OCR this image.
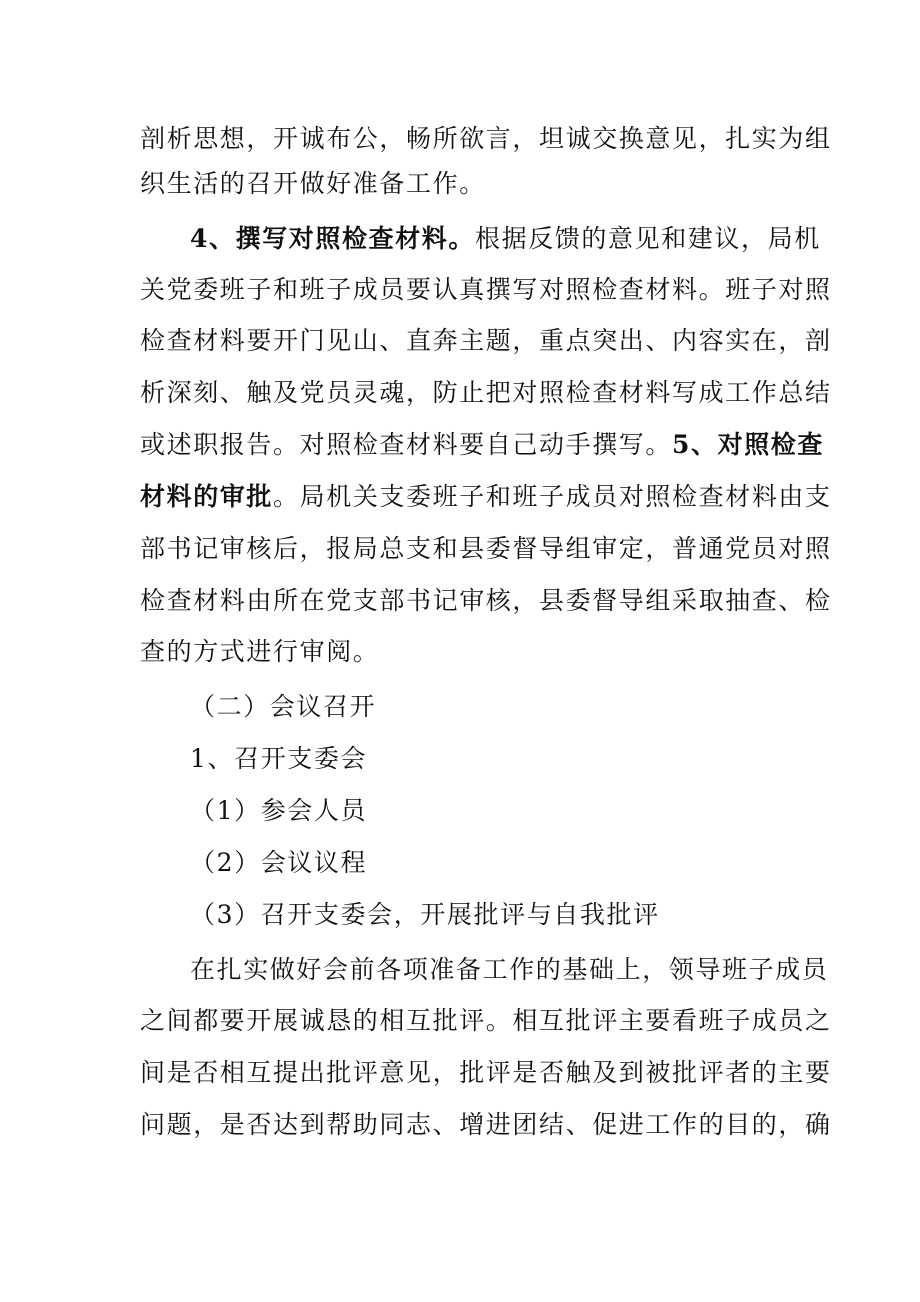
剖析思想，开诚布公，畅所欲言，坦诚交换意见，扎实为组
织生活的召开做好准备工作。
4、撰写对照检查材料。根据反馈的意见和建议，局机
关党委班子和班子成员要认真撰写对照检查材料。班子对照
检查材料要开门见山、直奔主题，重点突出、内容实在，剖
析深刻、触及党员灵魂，防止把对照检查材料写成工作总结
或述职报告。对照检查材料要自己动手撰写。5、对照检查
材料的审批。局机关支委班子和班子成员对照检查材料由支
部书记审核后，报局总支和县委督导组审定，普通党员对照
检查材料由所在党支部书记审核，县委督导组采取抽查、检
查的方式进行审阅。
（二）会议召开
1、召开支委会
（1）参会人员
（2）会议议程
（3）召开支委会，开展批评与自我批评
在扎实做好会前各项准备工作的基础上，领导班子成员
之间都要开展诚恳的相互批评。相互批评主要看班子成员之
间是否相互提出批评意见，批评是否触及到被批评者的主要
问题，是否达到帮助同志、增进团结、促进工作的目的，确
